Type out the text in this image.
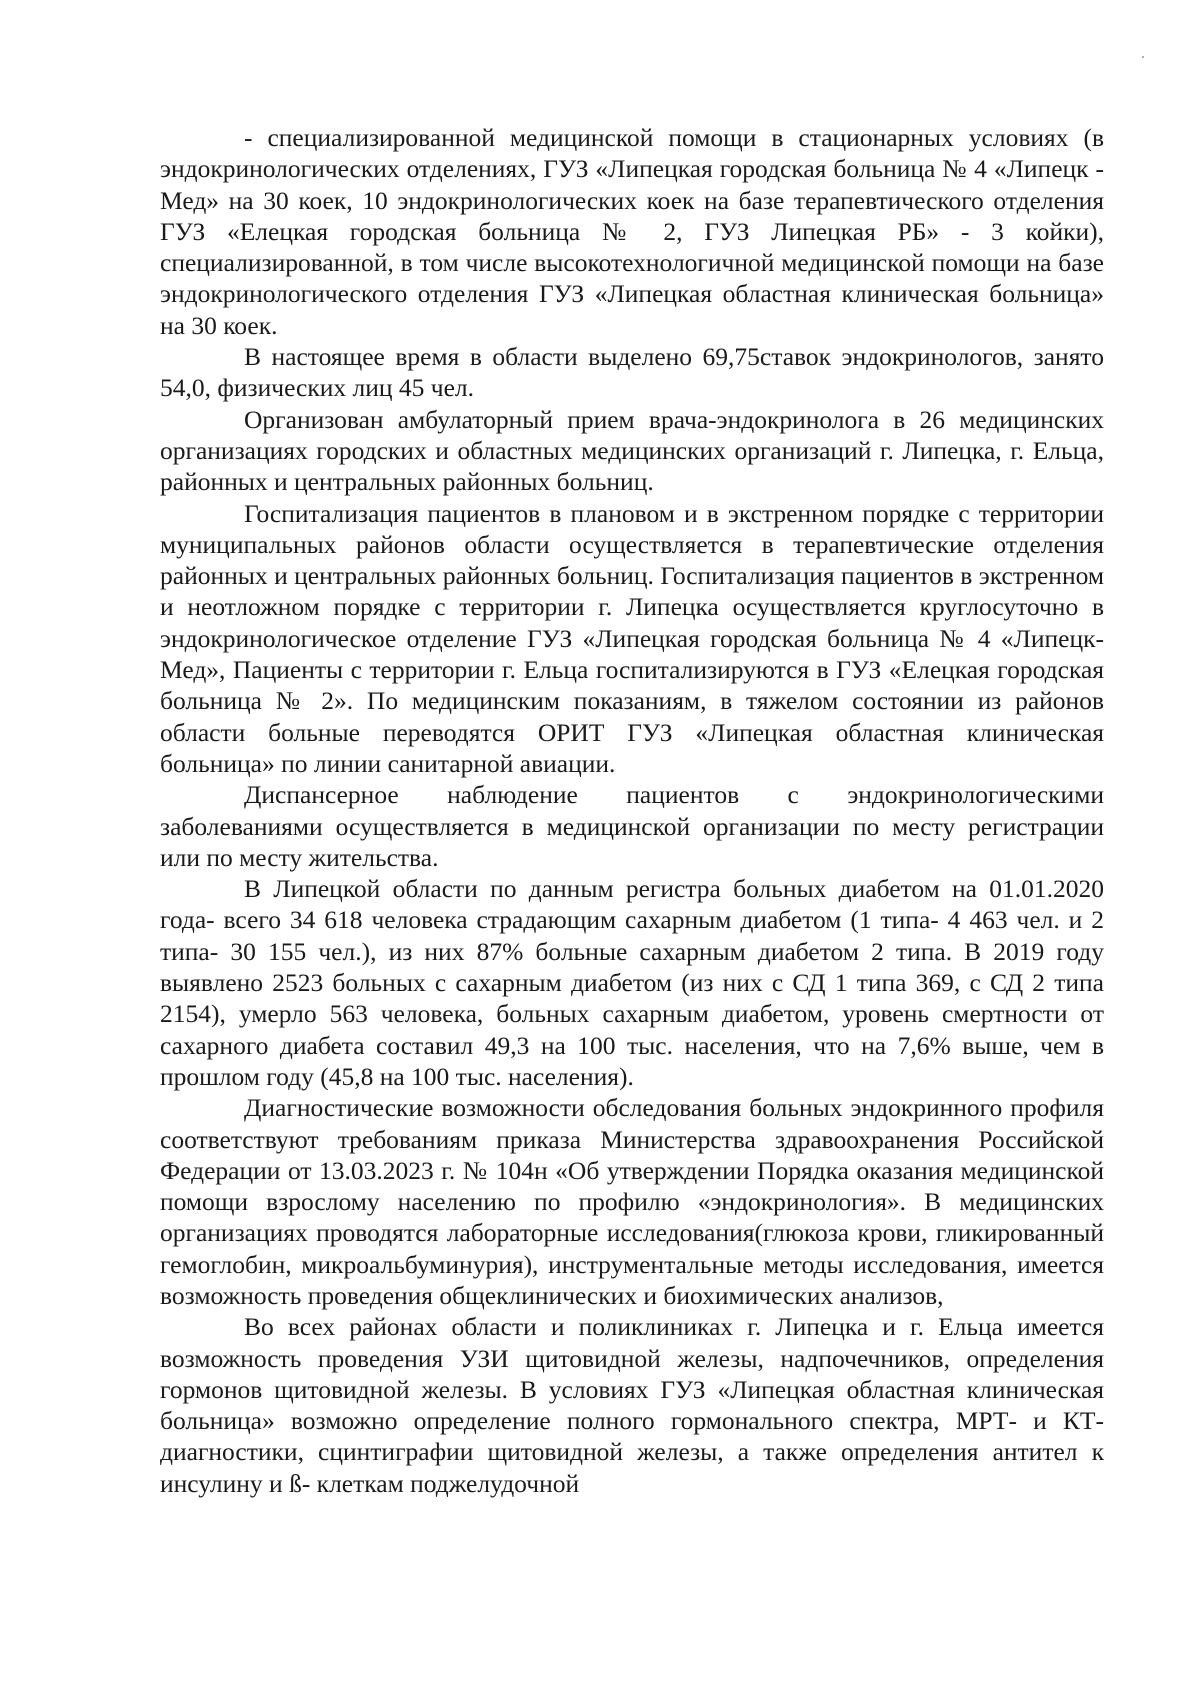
- специализированной медицинской помощи в стационарных условиях (в эндокринологических отделениях, ГУЗ «Липецкая городская больница № 4 «Липецк - Мед» на 30 коек, 10 эндокринологических коек на базе терапевтического отделения ГУЗ «Елецкая городская больница № 2, ГУЗ Липецкая РБ» - 3 койки), специализированной, в том числе высокотехнологичной медицинской помощи на базе эндокринологического отделения ГУЗ «Липецкая областная клиническая больница» на 30 коек.

В настоящее время в области выделено 69,75ставок эндокринологов, занято 54,0, физических лиц 45 чел.

Организован амбулаторный прием врача-эндокринолога в 26 медицинских организациях городских и областных медицинских организаций г. Липецка, г. Ельца, районных и центральных районных больниц.

Госпитализация пациентов в плановом и в экстренном порядке с территории муниципальных районов области осуществляется в терапевтические отделения районных и центральных районных больниц. Госпитализация пациентов в экстренном и неотложном порядке с территории г. Липецка осуществляется круглосуточно в эндокринологическое отделение ГУЗ «Липецкая городская больница № 4 «Липецк-Мед», Пациенты с территории г. Ельца госпитализируются в ГУЗ «Елецкая городская больница № 2». По медицинским показаниям, в тяжелом состоянии из районов области больные переводятся ОРИТ ГУЗ «Липецкая областная клиническая больница» по линии санитарной авиации.

Диспансерное наблюдение пациентов с эндокринологическими заболеваниями осуществляется в медицинской организации по месту регистрации или по месту жительства.

В Липецкой области по данным регистра больных диабетом на 01.01.2020 года- всего 34 618 человека страдающим сахарным диабетом (1 типа- 4 463 чел. и 2 типа- 30 155 чел.), из них 87% больные сахарным диабетом 2 типа. В 2019 году выявлено 2523 больных с сахарным диабетом (из них с СД 1 типа 369, с СД 2 типа 2154), умерло 563 человека, больных сахарным диабетом, уровень смертности от сахарного диабета составил 49,3 на 100 тыс. населения, что на 7,6% выше, чем в прошлом году (45,8 на 100 тыс. населения).

Диагностические возможности обследования больных эндокринного профиля соответствуют требованиям приказа Министерства здравоохранения Российской Федерации от 13.03.2023 г. № 104н «Об утверждении Порядка оказания медицинской помощи взрослому населению по профилю «эндокринология». В медицинских организациях проводятся лабораторные исследования(глюкоза крови, гликированный гемоглобин, микроальбуминурия), инструментальные методы исследования, имеется возможность проведения общеклинических и биохимических анализов,

Во всех районах области и поликлиниках г. Липецка и г. Ельца имеется возможность проведения УЗИ щитовидной железы, надпочечников, определения гормонов щитовидной железы. В условиях ГУЗ «Липецкая областная клиническая больница» возможно определение полного гормонального спектра, МРТ- и КТ- диагностики, сцинтиграфии щитовидной железы, а также определения антител к инсулину и ß- клеткам поджелудочной
